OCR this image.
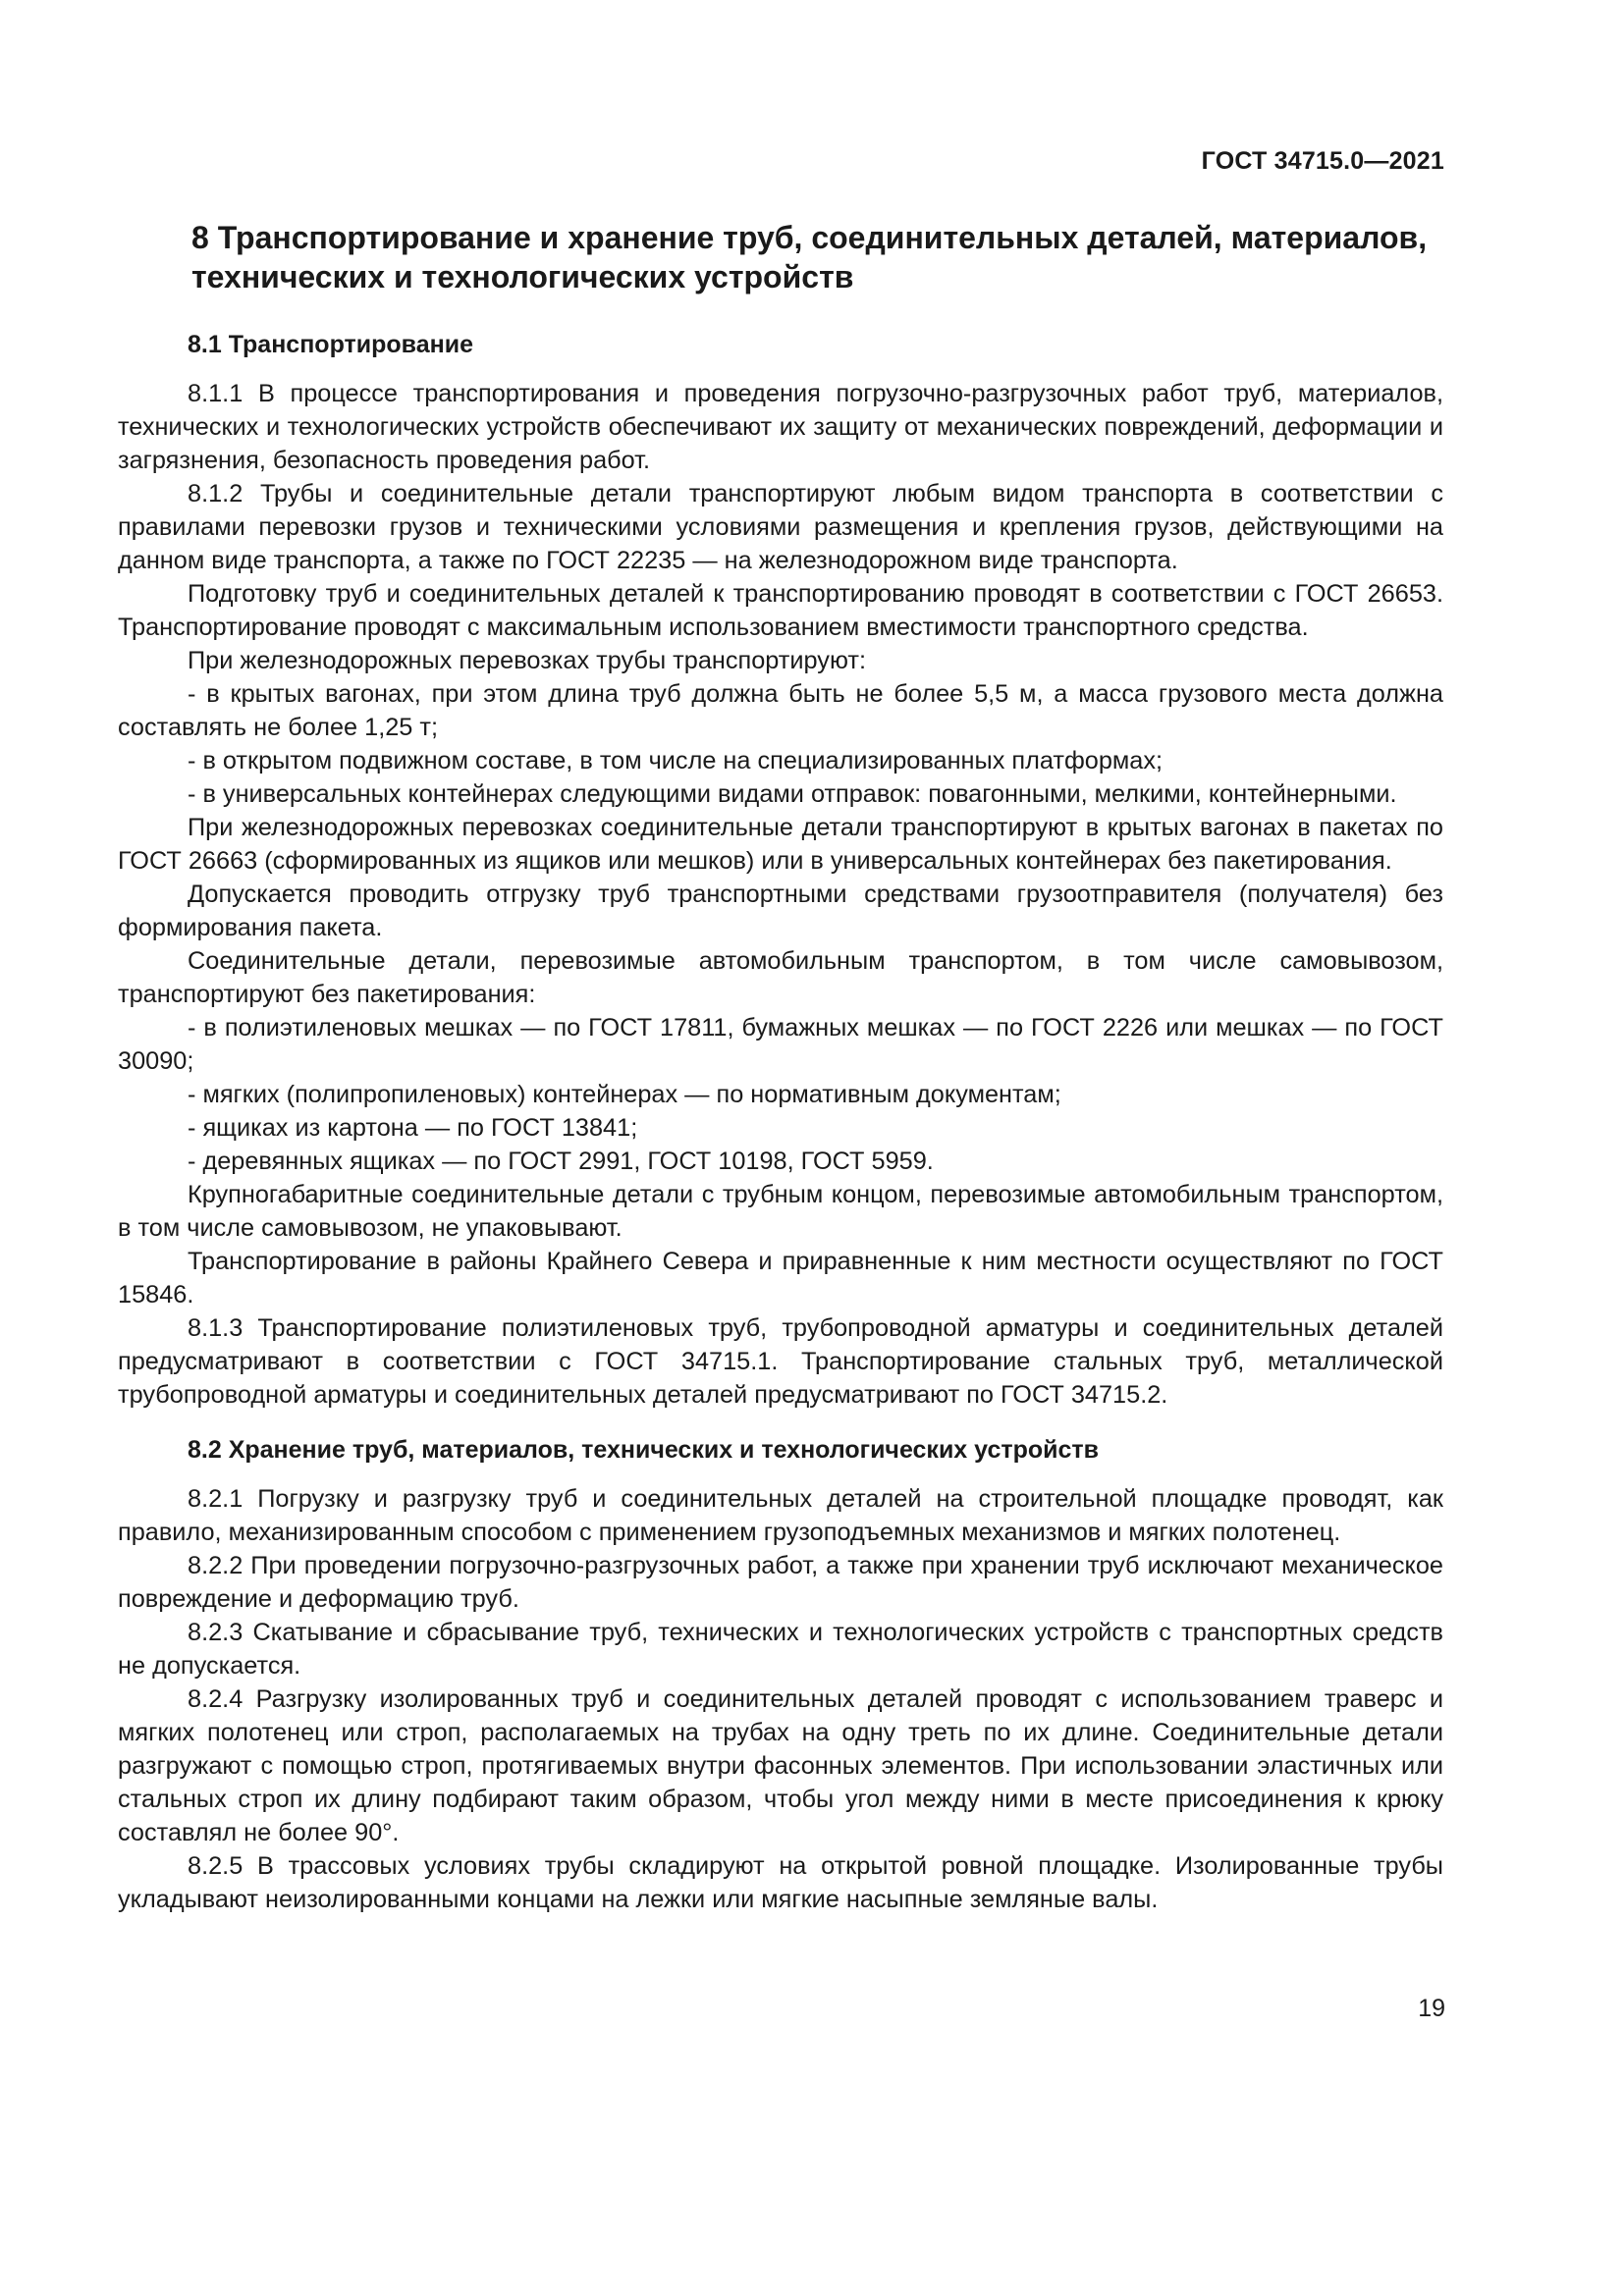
ГОСТ 34715.0—2021
8 Транспортирование и хранение труб, соединительных деталей, материалов, технических и технологических устройств
8.1 Транспортирование

8.1.1 В процессе транспортирования и проведения погрузочно-разгрузочных работ труб, материалов, технических и технологических устройств обеспечивают их защиту от механических повреждений, деформации и загрязнения, безопасность проведения работ.

8.1.2 Трубы и соединительные детали транспортируют любым видом транспорта в соответствии с правилами перевозки грузов и техническими условиями размещения и крепления грузов, действующими на данном виде транспорта, а также по ГОСТ 22235 — на железнодорожном виде транспорта.

Подготовку труб и соединительных деталей к транспортированию проводят в соответствии с ГОСТ 26653. Транспортирование проводят с максимальным использованием вместимости транспортного средства.

При железнодорожных перевозках трубы транспортируют:

- в крытых вагонах, при этом длина труб должна быть не более 5,5 м, а масса грузового места должна составлять не более 1,25 т;

- в открытом подвижном составе, в том числе на специализированных платформах;

- в универсальных контейнерах следующими видами отправок: повагонными, мелкими, контейнерными.

При железнодорожных перевозках соединительные детали транспортируют в крытых вагонах в пакетах по ГОСТ 26663 (сформированных из ящиков или мешков) или в универсальных контейнерах без пакетирования.

Допускается проводить отгрузку труб транспортными средствами грузоотправителя (получателя) без формирования пакета.

Соединительные детали, перевозимые автомобильным транспортом, в том числе самовывозом, транспортируют без пакетирования:

- в полиэтиленовых мешках — по ГОСТ 17811, бумажных мешках — по ГОСТ 2226 или мешках — по ГОСТ 30090;

- мягких (полипропиленовых) контейнерах — по нормативным документам;

- ящиках из картона — по ГОСТ 13841;

- деревянных ящиках — по ГОСТ 2991, ГОСТ 10198, ГОСТ 5959.

Крупногабаритные соединительные детали с трубным концом, перевозимые автомобильным транспортом, в том числе самовывозом, не упаковывают.

Транспортирование в районы Крайнего Севера и приравненные к ним местности осуществляют по ГОСТ 15846.

8.1.3 Транспортирование полиэтиленовых труб, трубопроводной арматуры и соединительных деталей предусматривают в соответствии с ГОСТ 34715.1. Транспортирование стальных труб, металлической трубопроводной арматуры и соединительных деталей предусматривают по ГОСТ 34715.2.

8.2 Хранение труб, материалов, технических и технологических устройств

8.2.1 Погрузку и разгрузку труб и соединительных деталей на строительной площадке проводят, как правило, механизированным способом с применением грузоподъемных механизмов и мягких полотенец.

8.2.2 При проведении погрузочно-разгрузочных работ, а также при хранении труб исключают механическое повреждение и деформацию труб.

8.2.3 Скатывание и сбрасывание труб, технических и технологических устройств с транспортных средств не допускается.

8.2.4 Разгрузку изолированных труб и соединительных деталей проводят с использованием траверс и мягких полотенец или строп, располагаемых на трубах на одну треть по их длине. Соединительные детали разгружают с помощью строп, протягиваемых внутри фасонных элементов. При использовании эластичных или стальных строп их длину подбирают таким образом, чтобы угол между ними в месте присоединения к крюку составлял не более 90°.

8.2.5 В трассовых условиях трубы складируют на открытой ровной площадке. Изолированные трубы укладывают неизолированными концами на лежки или мягкие насыпные земляные валы.

19
